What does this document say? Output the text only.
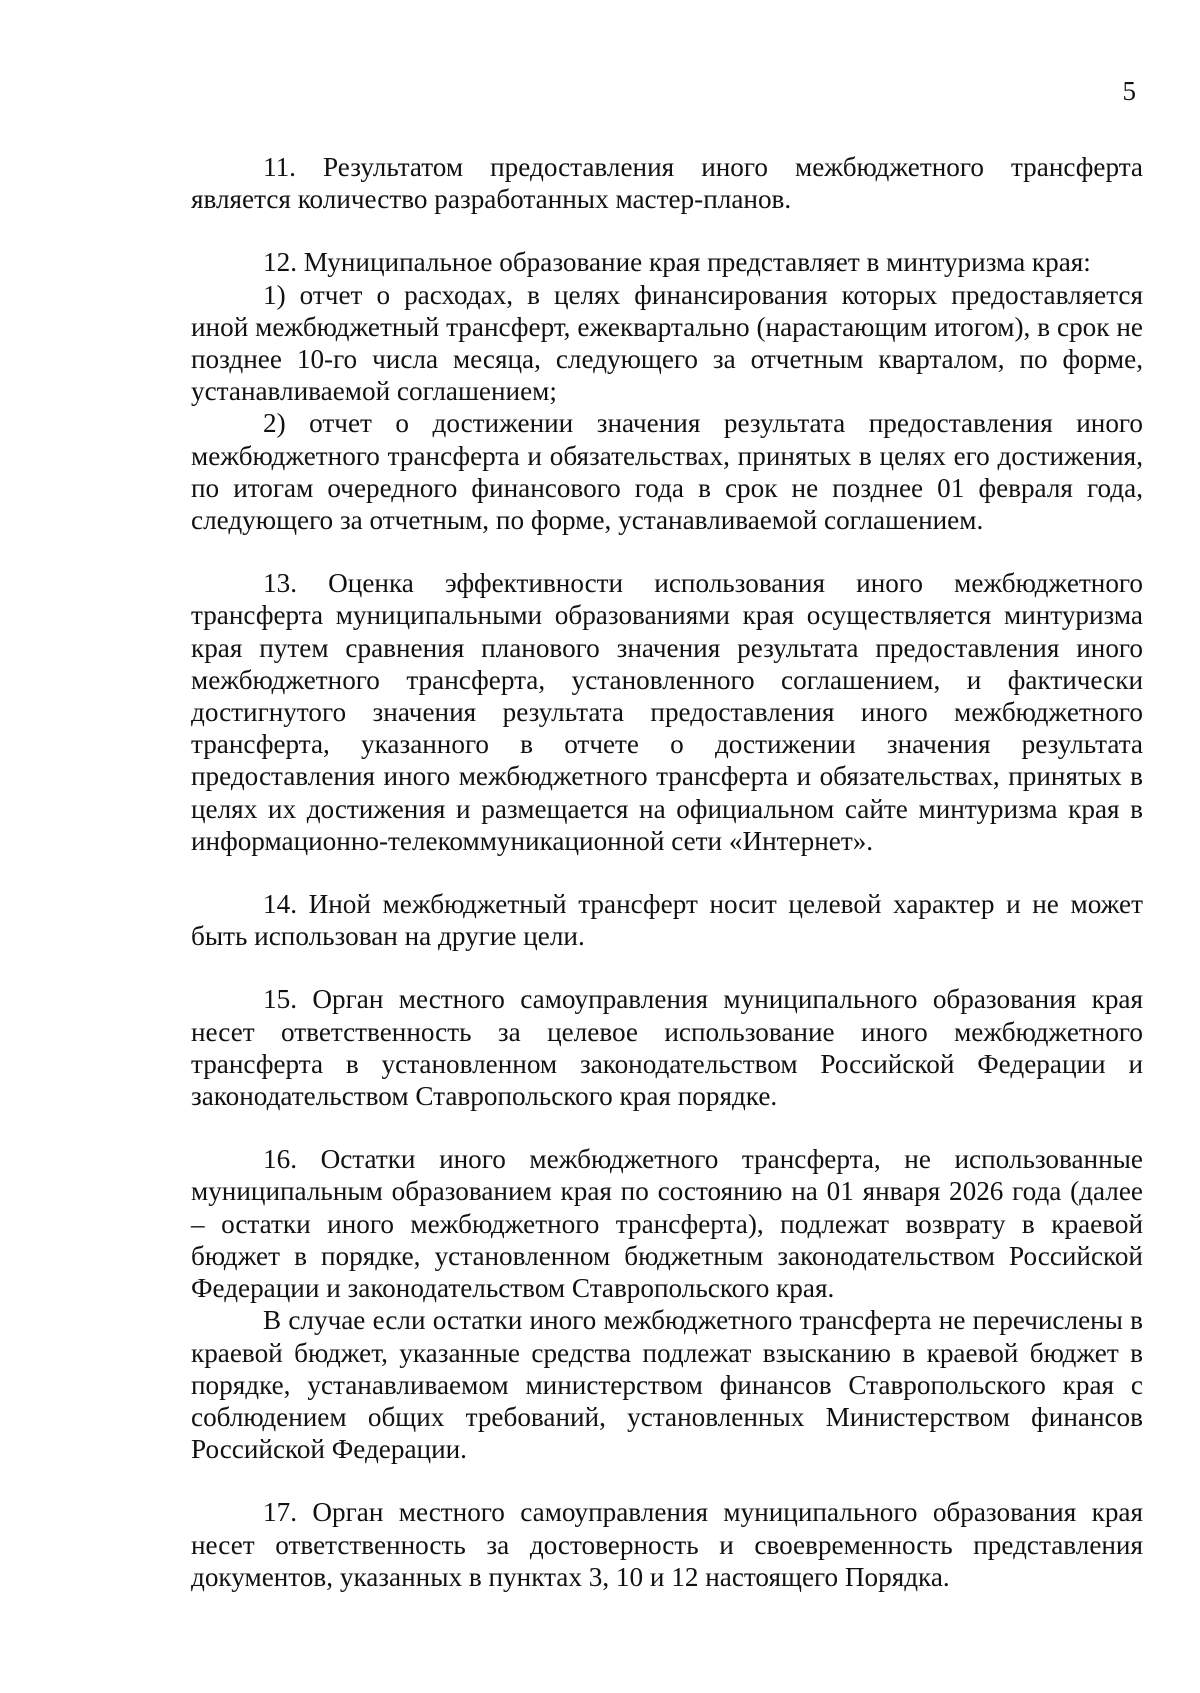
5

11. Результатом предоставления иного межбюджетного трансферта является количество разработанных мастер-планов.

12. Муниципальное образование края представляет в минтуризма края:

1) отчет о расходах, в целях финансирования которых предоставляется иной межбюджетный трансферт, ежеквартально (нарастающим итогом), в срок не позднее 10-го числа месяца, следующего за отчетным кварталом, по форме, устанавливаемой соглашением;

2) отчет о достижении значения результата предоставления иного межбюджетного трансферта и обязательствах, принятых в целях его достижения, по итогам очередного финансового года в срок не позднее 01 февраля года, следующего за отчетным, по форме, устанавливаемой соглашением.

13. Оценка эффективности использования иного межбюджетного трансферта муниципальными образованиями края осуществляется минтуризма края путем сравнения планового значения результата предоставления иного межбюджетного трансферта, установленного соглашением, и фактически достигнутого значения результата предоставления иного межбюджетного трансферта, указанного в отчете о достижении значения результата предоставления иного межбюджетного трансферта и обязательствах, принятых в целях их достижения и размещается на официальном сайте минтуризма края в информационно-телекоммуникационной сети «Интернет».

14. Иной межбюджетный трансферт носит целевой характер и не может быть использован на другие цели.

15. Орган местного самоуправления муниципального образования края несет ответственность за целевое использование иного межбюджетного трансферта в установленном законодательством Российской Федерации и законодательством Ставропольского края порядке.

16. Остатки иного межбюджетного трансферта, не использованные муниципальным образованием края по состоянию на 01 января 2026 года (далее – остатки иного межбюджетного трансферта), подлежат возврату в краевой бюджет в порядке, установленном бюджетным законодательством Российской Федерации и законодательством Ставропольского края.

В случае если остатки иного межбюджетного трансферта не перечислены в краевой бюджет, указанные средства подлежат взысканию в краевой бюджет в порядке, устанавливаемом министерством финансов Ставропольского края с соблюдением общих требований, установленных Министерством финансов Российской Федерации.

17. Орган местного самоуправления муниципального образования края несет ответственность за достоверность и своевременность представления документов, указанных в пунктах 3, 10 и 12 настоящего Порядка.
